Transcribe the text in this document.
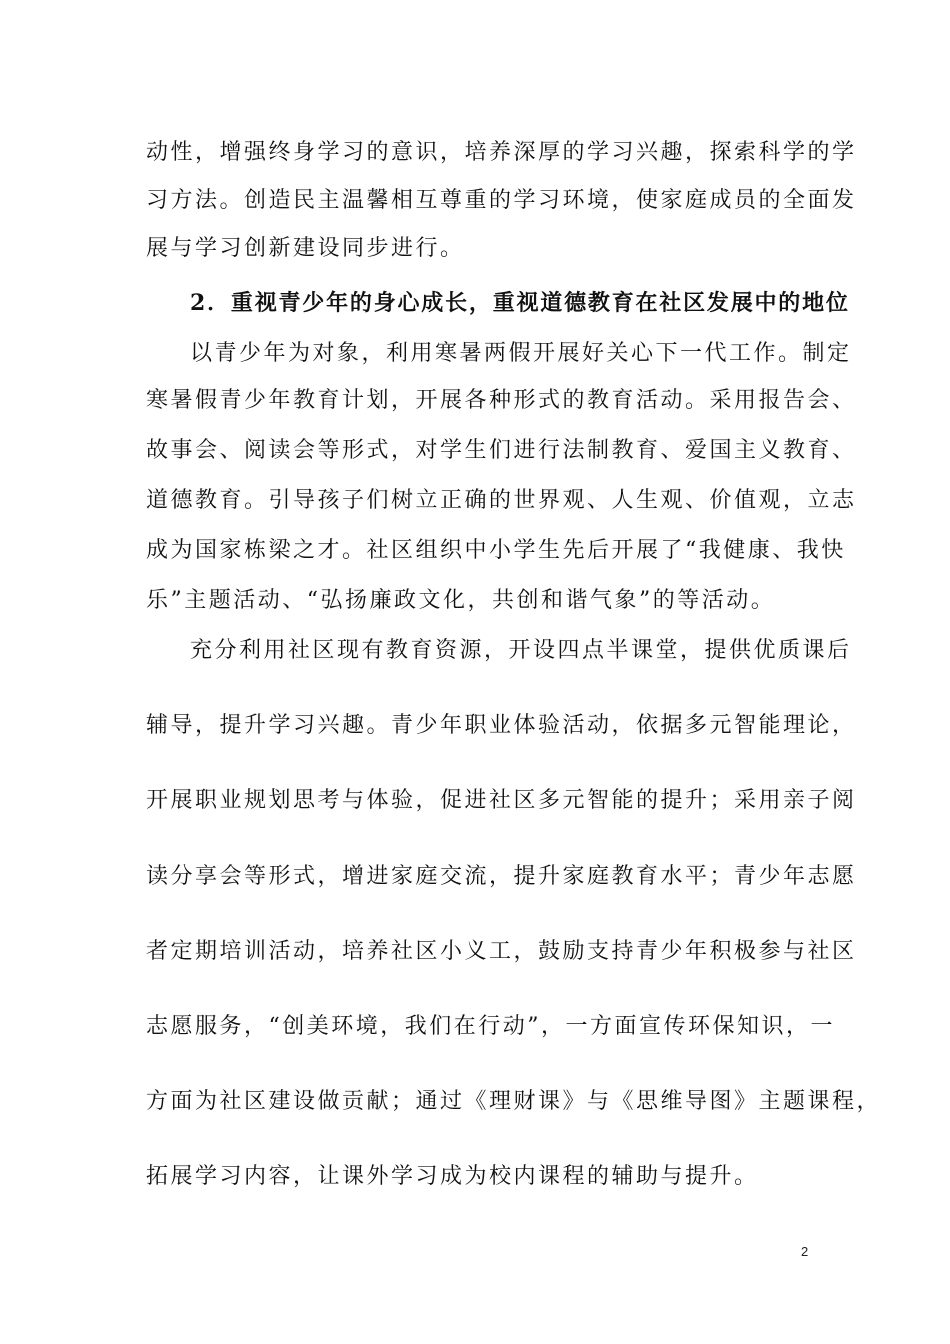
动性，增强终身学习的意识，培养深厚的学习兴趣，探索科学的学
习方法。创造民主温馨相互尊重的学习环境，使家庭成员的全面发
展与学习创新建设同步进行。
2．重视青少年的身心成长，重视道德教育在社区发展中的地位
以青少年为对象，利用寒暑两假开展好关心下一代工作。制定
寒暑假青少年教育计划，开展各种形式的教育活动。采用报告会、
故事会、阅读会等形式，对学生们进行法制教育、爱国主义教育、
道德教育。引导孩子们树立正确的世界观、人生观、价值观，立志
成为国家栋梁之才。社区组织中小学生先后开展了“我健康、我快
乐”主题活动、“弘扬廉政文化，共创和谐气象”的等活动。
充分利用社区现有教育资源，开设四点半课堂，提供优质课后
辅导，提升学习兴趣。青少年职业体验活动，依据多元智能理论，
开展职业规划思考与体验，促进社区多元智能的提升；采用亲子阅
读分享会等形式，增进家庭交流，提升家庭教育水平；青少年志愿
者定期培训活动，培养社区小义工，鼓励支持青少年积极参与社区
志愿服务，“创美环境，我们在行动”，一方面宣传环保知识，一
方面为社区建设做贡献；通过《理财课》与《思维导图》主题课程，
拓展学习内容，让课外学习成为校内课程的辅助与提升。
2
